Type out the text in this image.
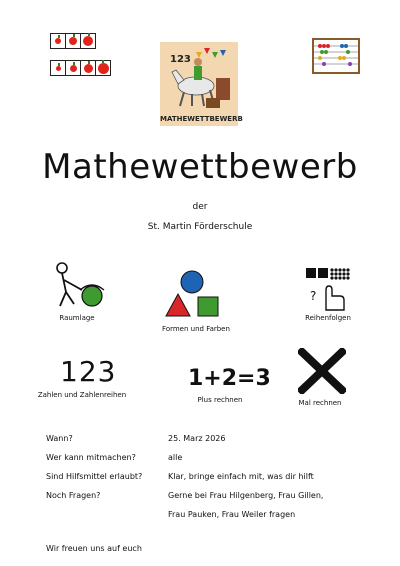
123
MATHEWETTBEWERB
Mathewettbewerb
der
St. Martin Förderschule
Raumlage
Formen und Farben
?
Reihenfolgen
123
Zahlen und Zahlenreihen
1+2=3
Plus rechnen	Mal rechnen
Wann?	25. Marz 2026
Wer kann mitmachen?	alle
Sind Hilfsmittel erlaubt?	Klar, bringe einfach mit, was dir hilft
Noch Fragen?	Gerne bei Frau Hilgenberg, Frau Gillen,
Frau Pauken, Frau Weiler fragen
Wir freuen uns auf euch
